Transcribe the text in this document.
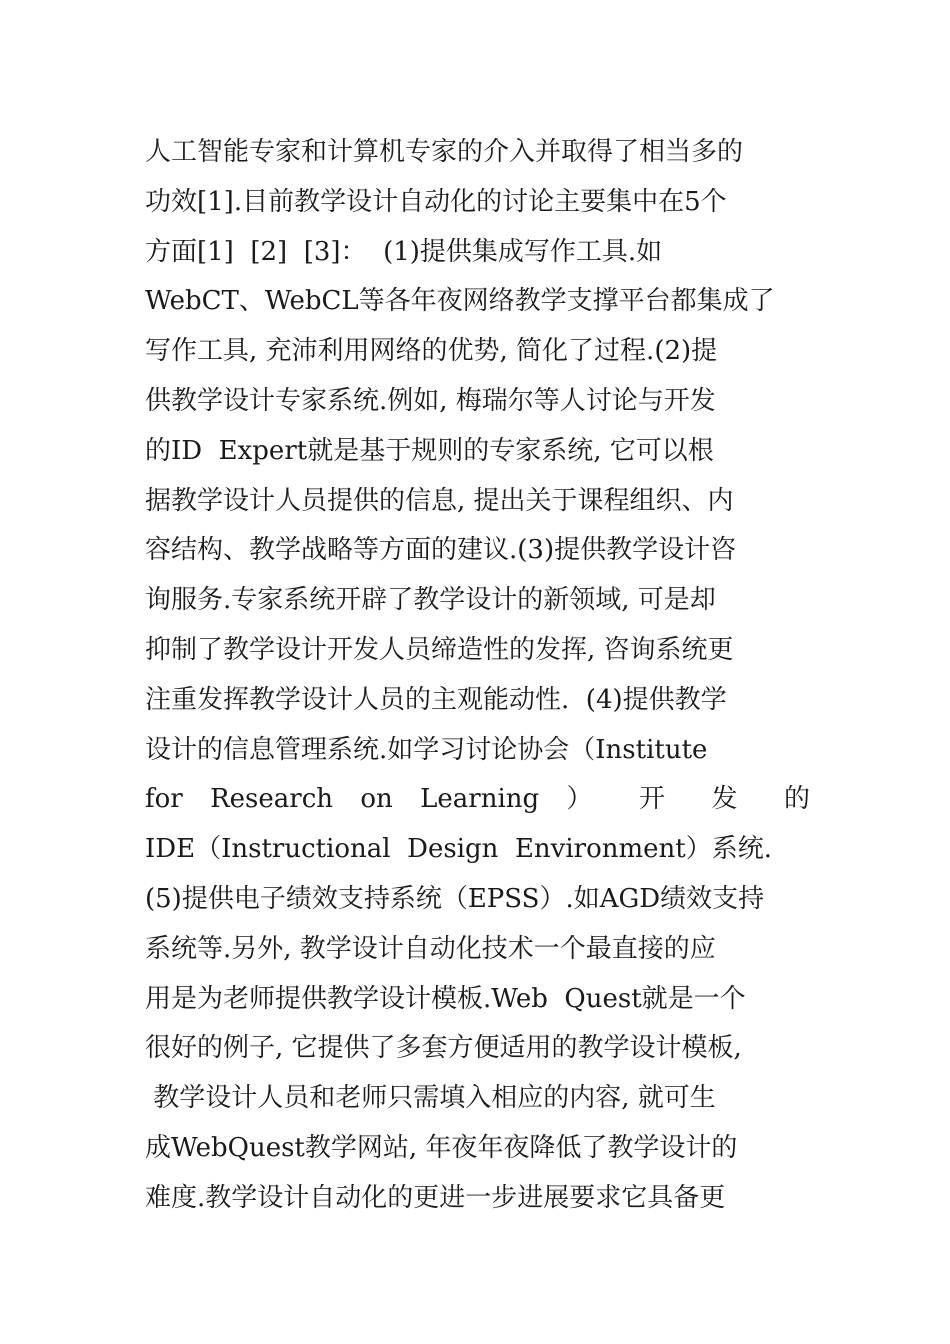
人工智能专家和计算机专家的介入并取得了相当多的
功效[1].目前教学设计自动化的讨论主要集中在5个
方面[1]  [2]  [3]：  (1)提供集成写作工具.如
WebCT、WebCL等各年夜网络教学支撑平台都集成了
写作工具, 充沛利用网络的优势, 简化了过程.(2)提
供教学设计专家系统.例如, 梅瑞尔等人讨论与开发
的ID  Expert就是基于规则的专家系统, 它可以根
据教学设计人员提供的信息, 提出关于课程组织、内
容结构、教学战略等方面的建议.(3)提供教学设计咨
询服务.专家系统开辟了教学设计的新领域, 可是却
抑制了教学设计开发人员缔造性的发挥, 咨询系统更
注重发挥教学设计人员的主观能动性.  (4)提供教学
设计的信息管理系统.如学习讨论协会（Institute
for Research on Learning ） 开 发 的
IDE（Instructional  Design  Environment）系统.
(5)提供电子绩效支持系统（EPSS）.如AGD绩效支持
系统等.另外, 教学设计自动化技术一个最直接的应
用是为老师提供教学设计模板.Web  Quest就是一个
很好的例子, 它提供了多套方便适用的教学设计模板,
教学设计人员和老师只需填入相应的内容, 就可生
成WebQuest教学网站, 年夜年夜降低了教学设计的
难度.教学设计自动化的更进一步进展要求它具备更
